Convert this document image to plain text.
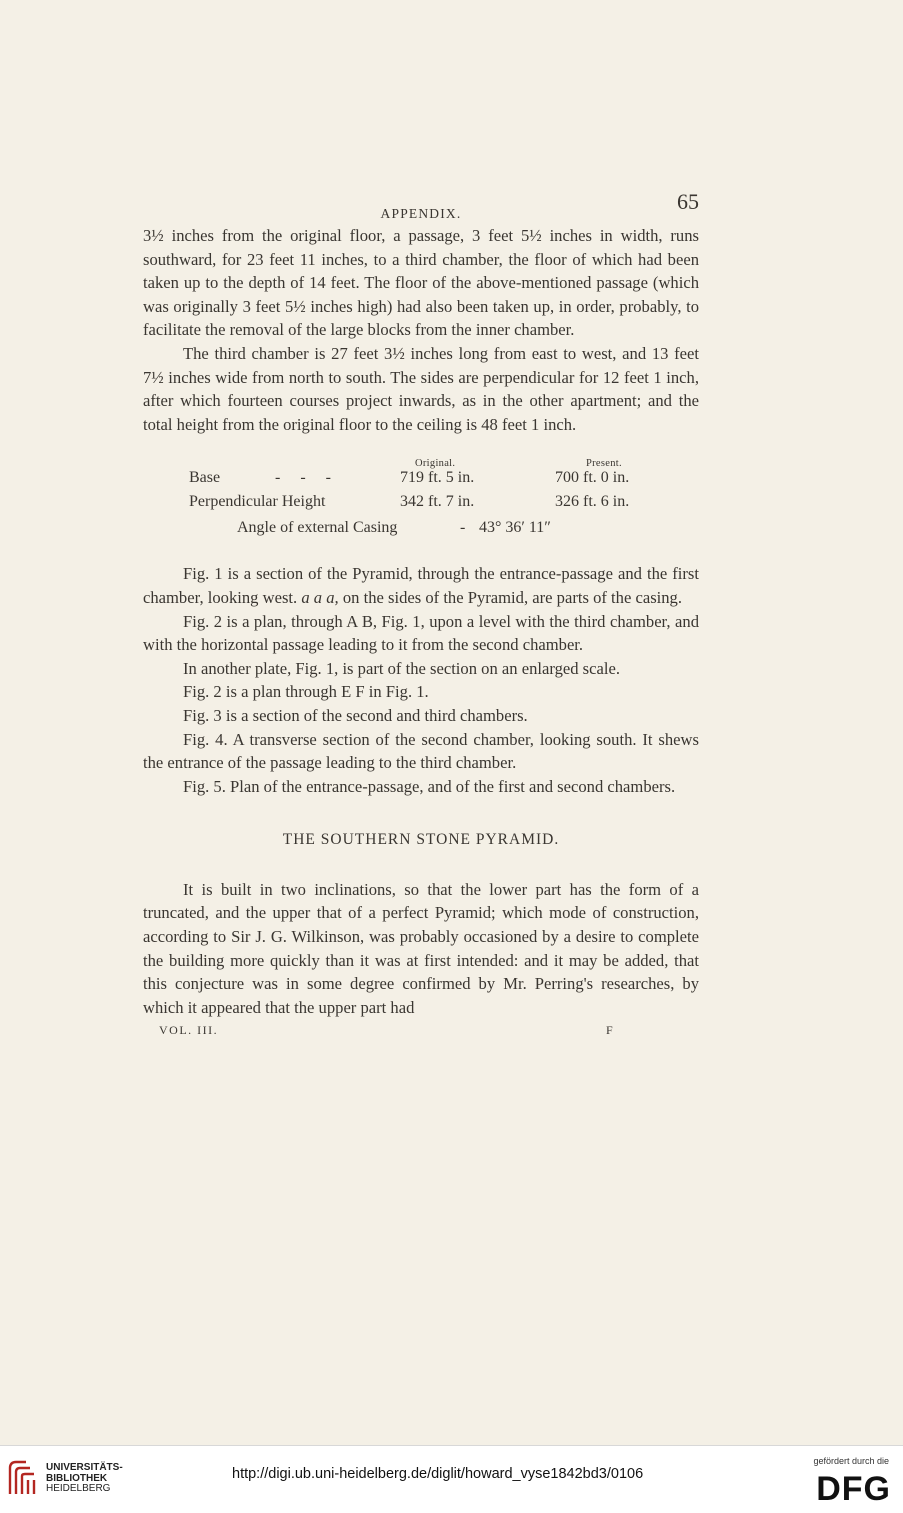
APPENDIX.	65

3½ inches from the original floor, a passage, 3 feet 5½ inches in width, runs southward, for 23 feet 11 inches, to a third chamber, the floor of which had been taken up to the depth of 14 feet. The floor of the above-mentioned passage (which was originally 3 feet 5½ inches high) had also been taken up, in order, probably, to facilitate the removal of the large blocks from the inner chamber.

The third chamber is 27 feet 3½ inches long from east to west, and 13 feet 7½ inches wide from north to south. The sides are perpendicular for 12 feet 1 inch, after which fourteen courses project inwards, as in the other apartment; and the total height from the original floor to the ceiling is 48 feet 1 inch.

Original.	Present.
Base	- - -	719 ft. 5 in.	700 ft. 0 in.
Perpendicular Height	342 ft. 7 in.	326 ft. 6 in.
Angle of external Casing	- 43° 36′ 11″

Fig. 1 is a section of the Pyramid, through the entrance-passage and the first chamber, looking west. a a a, on the sides of the Pyramid, are parts of the casing.

Fig. 2 is a plan, through A B, Fig. 1, upon a level with the third chamber, and with the horizontal passage leading to it from the second chamber.

In another plate, Fig. 1, is part of the section on an enlarged scale.

Fig. 2 is a plan through E F in Fig. 1.

Fig. 3 is a section of the second and third chambers.

Fig. 4. A transverse section of the second chamber, looking south. It shews the entrance of the passage leading to the third chamber.

Fig. 5. Plan of the entrance-passage, and of the first and second chambers.

THE SOUTHERN STONE PYRAMID.

It is built in two inclinations, so that the lower part has the form of a truncated, and the upper that of a perfect Pyramid; which mode of construction, according to Sir J. G. Wilkinson, was probably occasioned by a desire to complete the building more quickly than it was at first intended: and it may be added, that this conjecture was in some degree confirmed by Mr. Perring's researches, by which it appeared that the upper part had

VOL. III.	F
UNIVERSITÄTS-
BIBLIOTHEK
HEIDELBERG
http://digi.ub.uni-heidelberg.de/diglit/howard_vyse1842bd3/0106
gefördert durch die
DFG
